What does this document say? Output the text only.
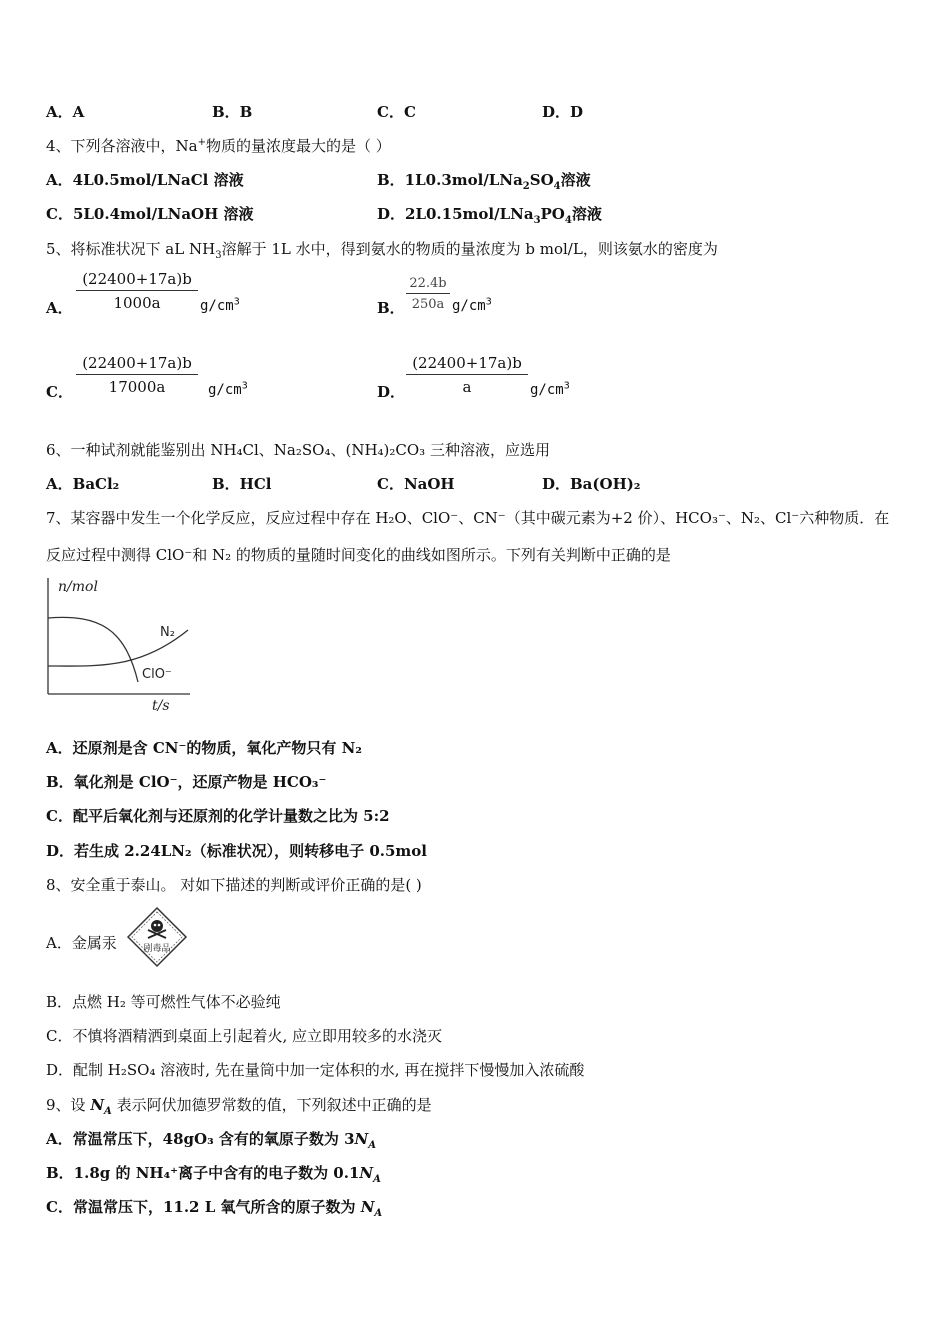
A．A	B．B	C．C	D．D
4、下列各溶液中，Na+物质的量浓度最大的是（ ）
A．4L0.5mol/LNaCl 溶液	B．$1L0.3mol/LNa_2SO_4$溶液
C．5L0.4mol/LNaOH 溶液	D．$2L0.15mol/LNa_3PO_4$溶液
5、将标准状况下 aL $NH_3$溶解于 1L 水中，得到氨水的物质的量浓度为 b mol/L，则该氨水的密度为
A． $\frac{(22400+17a)b}{1000a} g/cm^3$	B． $\frac{22.4b}{250a} g/cm^3$
C． $\frac{(22400+17a)b}{17000a} g/cm^3$	D． $\frac{(22400+17a)b}{a} g/cm^3$
6、一种试剂就能鉴别出 NH₄Cl、Na₂SO₄、(NH₄)₂CO₃ 三种溶液，应选用
A．BaCl₂	B．HCl	C．NaOH	D．Ba(OH)₂
7、某容器中发生一个化学反应，反应过程中存在 H₂O、ClO⁻、CN⁻（其中碳元素为+2 价）、HCO₃⁻、N₂、Cl⁻六种物质．在
反应过程中测得 ClO⁻和 N₂ 的物质的量随时间变化的曲线如图所示。下列有关判断中正确的是
n/mol
t/s
N₂
ClO⁻
A．还原剂是含 CN⁻的物质，氧化产物只有 N₂
B．氧化剂是 ClO⁻，还原产物是 HCO₃⁻
C．配平后氧化剂与还原剂的化学计量数之比为 5:2
D．若生成 2.24LN₂（标准状况），则转移电子 0.5mol
8、安全重于泰山。 对如下描述的判断或评价正确的是( )
A．金属汞	剧毒品
B．点燃 H₂ 等可燃性气体不必验纯
C．不慎将酒精洒到桌面上引起着火, 应立即用较多的水浇灭
D．配制 H₂SO₄ 溶液时, 先在量筒中加一定体积的水, 再在搅拌下慢慢加入浓硫酸
9、设 $N_A$ 表示阿伏加德罗常数的值，下列叙述中正确的是
A．常温常压下，48gO₃ 含有的氧原子数为 $3N_A$
B．1.8g 的 NH₄⁺离子中含有的电子数为 $0.1N_A$
C．常温常压下，11.2 L 氧气所含的原子数为 $N_A$
